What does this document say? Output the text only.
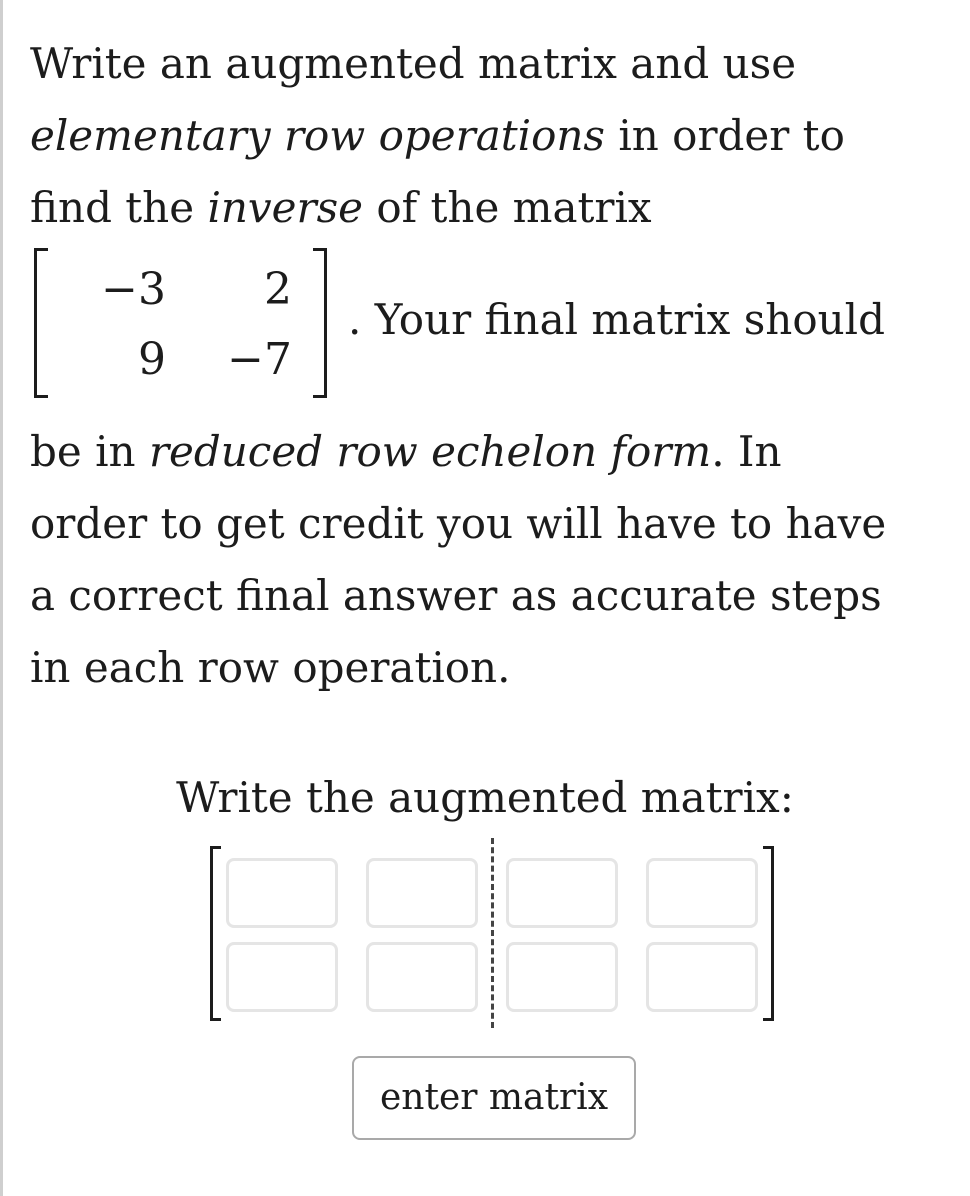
Write an augmented matrix and use
elementary row operations in order to
find the inverse of the matrix
−3	2
9	−7
. Your final matrix should
be in reduced row echelon form. In
order to get credit you will have to have
a correct final answer as accurate steps
in each row operation.
Write the augmented matrix:
enter matrix
